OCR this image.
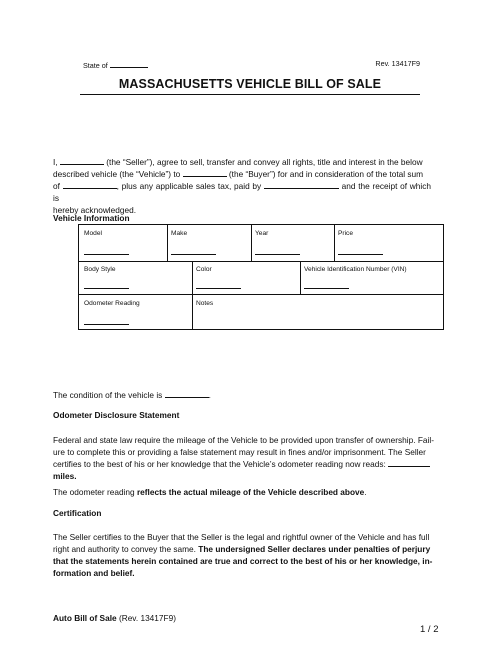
State of	Rev. 13417F9
MASSACHUSETTS VEHICLE BILL OF SALE
I,	(the “Seller”), agree to sell, transfer and convey all rights, title and interest in the below
described vehicle (the “Vehicle”) to	(the “Buyer”) for and in consideration of the total sum
of	, plus any applicable sales tax, paid by	and the receipt of which is
hereby acknowledged.
Vehicle Information
Model	Make	Year	Price
Body Style	Color	Vehicle Identification Number (VIN)
Odometer Reading	Notes
The condition of the vehicle is	.
Odometer Disclosure Statement
Federal and state law require the mileage of the Vehicle to be provided upon transfer of ownership. Fail-
ure to complete this or providing a false statement may result in fines and/or imprisonment. The Seller
certifies to the best of his or her knowledge that the Vehicle’s odometer reading now reads:
miles.
The odometer reading reflects the actual mileage of the Vehicle described above.
Certification
The Seller certifies to the Buyer that the Seller is the legal and rightful owner of the Vehicle and has full
right and authority to convey the same. The undersigned Seller declares under penalties of perjury
that the statements herein contained are true and correct to the best of his or her knowledge, in-
formation and belief.
Auto Bill of Sale (Rev. 13417F9)
1 / 2
